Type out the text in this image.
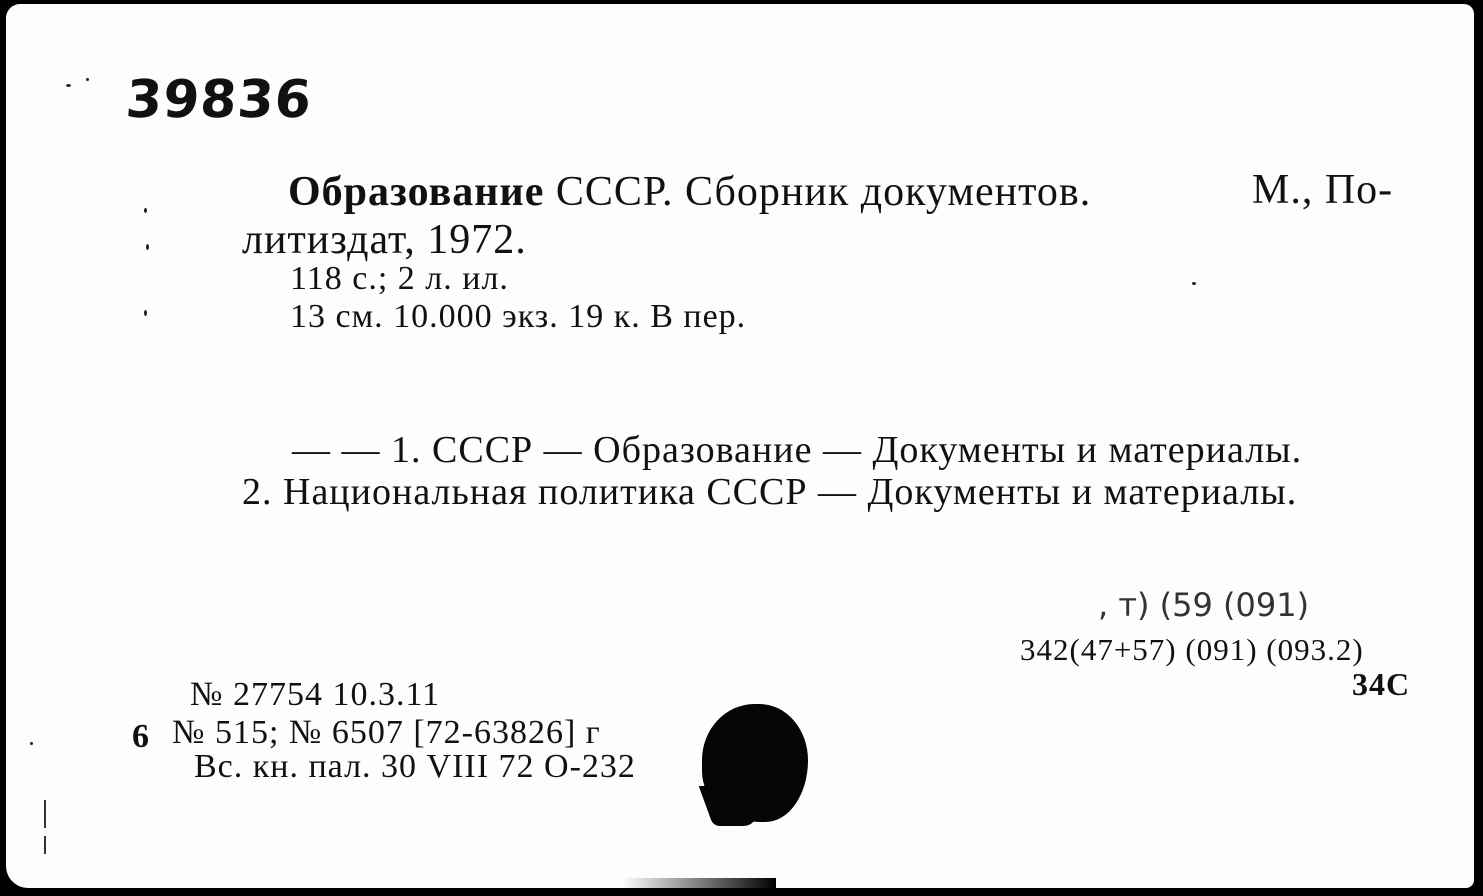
39836
Образование СССР. Сборник документов.	М., По-
литиздат, 1972.
118 с.; 2 л. ил.
13 см. 10.000 экз. 19 к. В пер.
— — 1. СССР — Образование — Документы и материалы.
2. Национальная политика СССР — Документы и материалы.
, т) (59 (091)
342(47+57) (091) (093.2)
34С
№ 27754 10.3.11
6 № 515; № 6507 [72-63826] г
Вс. кн. пал. 30 VIII 72 О-232
